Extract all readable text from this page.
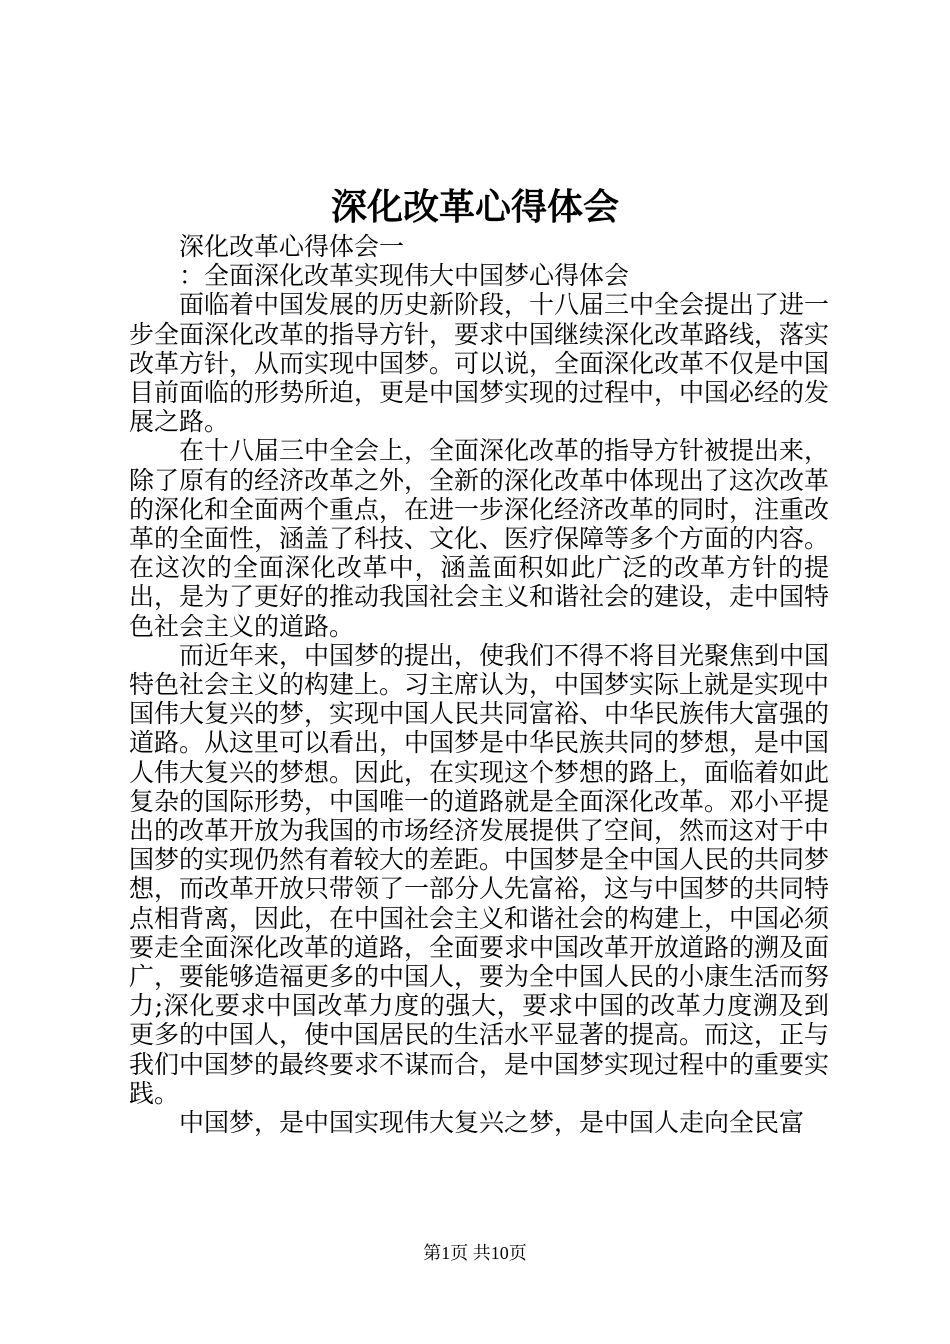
深化改革心得体会

深化改革心得体会一

：全面深化改革实现伟大中国梦心得体会

面临着中国发展的历史新阶段，十八届三中全会提出了进一步全面深化改革的指导方针，要求中国继续深化改革路线，落实改革方针，从而实现中国梦。可以说，全面深化改革不仅是中国目前面临的形势所迫，更是中国梦实现的过程中，中国必经的发展之路。

在十八届三中全会上，全面深化改革的指导方针被提出来，除了原有的经济改革之外，全新的深化改革中体现出了这次改革的深化和全面两个重点，在进一步深化经济改革的同时，注重改革的全面性，涵盖了科技、文化、医疗保障等多个方面的内容。在这次的全面深化改革中，涵盖面积如此广泛的改革方针的提出，是为了更好的推动我国社会主义和谐社会的建设，走中国特色社会主义的道路。

而近年来，中国梦的提出，使我们不得不将目光聚焦到中国特色社会主义的构建上。习主席认为，中国梦实际上就是实现中国伟大复兴的梦，实现中国人民共同富裕、中华民族伟大富强的道路。从这里可以看出，中国梦是中华民族共同的梦想，是中国人伟大复兴的梦想。因此，在实现这个梦想的路上，面临着如此复杂的国际形势，中国唯一的道路就是全面深化改革。邓小平提出的改革开放为我国的市场经济发展提供了空间，然而这对于中国梦的实现仍然有着较大的差距。中国梦是全中国人民的共同梦想，而改革开放只带领了一部分人先富裕，这与中国梦的共同特点相背离，因此，在中国社会主义和谐社会的构建上，中国必须要走全面深化改革的道路，全面要求中国改革开放道路的溯及面广，要能够造福更多的中国人，要为全中国人民的小康生活而努力;深化要求中国改革力度的强大，要求中国的改革力度溯及到更多的中国人，使中国居民的生活水平显著的提高。而这，正与我们中国梦的最终要求不谋而合，是中国梦实现过程中的重要实践。

中国梦，是中国实现伟大复兴之梦，是中国人走向全民富

第1页 共10页
